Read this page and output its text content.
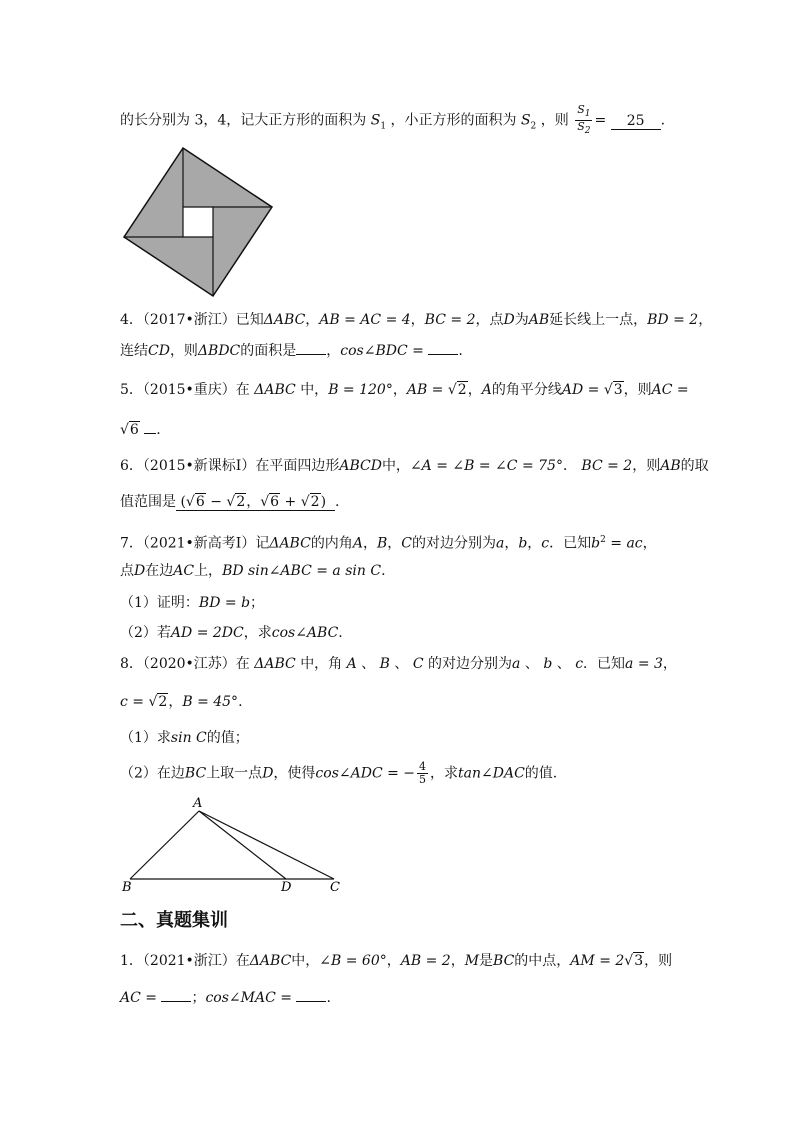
的长分别为 3，4，记大正方形的面积为 $S_1$ ，小正方形的面积为 $S_2$ ，则 $\frac{S_1}{S_2} = 25$ .
4．（2017•浙江）已知ΔABC，AB = AC = 4，BC = 2，点D为AB延长线上一点，BD = 2，
连结CD，则ΔBDC的面积是 ，cos∠BDC = .
5．（2015•重庆）在 ΔABC 中，B = 120°，AB = √2，A的角平分线AD = √3，则AC =
√6 .
6．（2015•新课标Ⅰ）在平面四边形ABCD中，∠A = ∠B = ∠C = 75°． BC = 2，则AB的取
值范围是 (√6 − √2，√6 + √2) .
7．（2021•新高考Ⅰ）记ΔABC的内角A，B，C的对边分别为a，b，c．已知$b^2$ = ac，
点D在边AC上，BD sin∠ABC = a sin C.
（1）证明：BD = b；
（2）若AD = 2DC，求cos∠ABC.
8．（2020•江苏）在 ΔABC 中，角 A 、 B 、 C 的对边分别为a 、 b 、 c．已知a = 3，
c = √2，B = 45°.
（1）求sin C的值；
（2）在边BC上取一点D，使得cos∠ADC = − $\frac{4}{5}$ ，求tan∠DAC的值.
A
B	C
D
二、真题集训
1．（2021•浙江）在ΔABC中，∠B = 60°，AB = 2，M是BC的中点，AM = 2√3，则
AC = ；cos∠MAC = .
